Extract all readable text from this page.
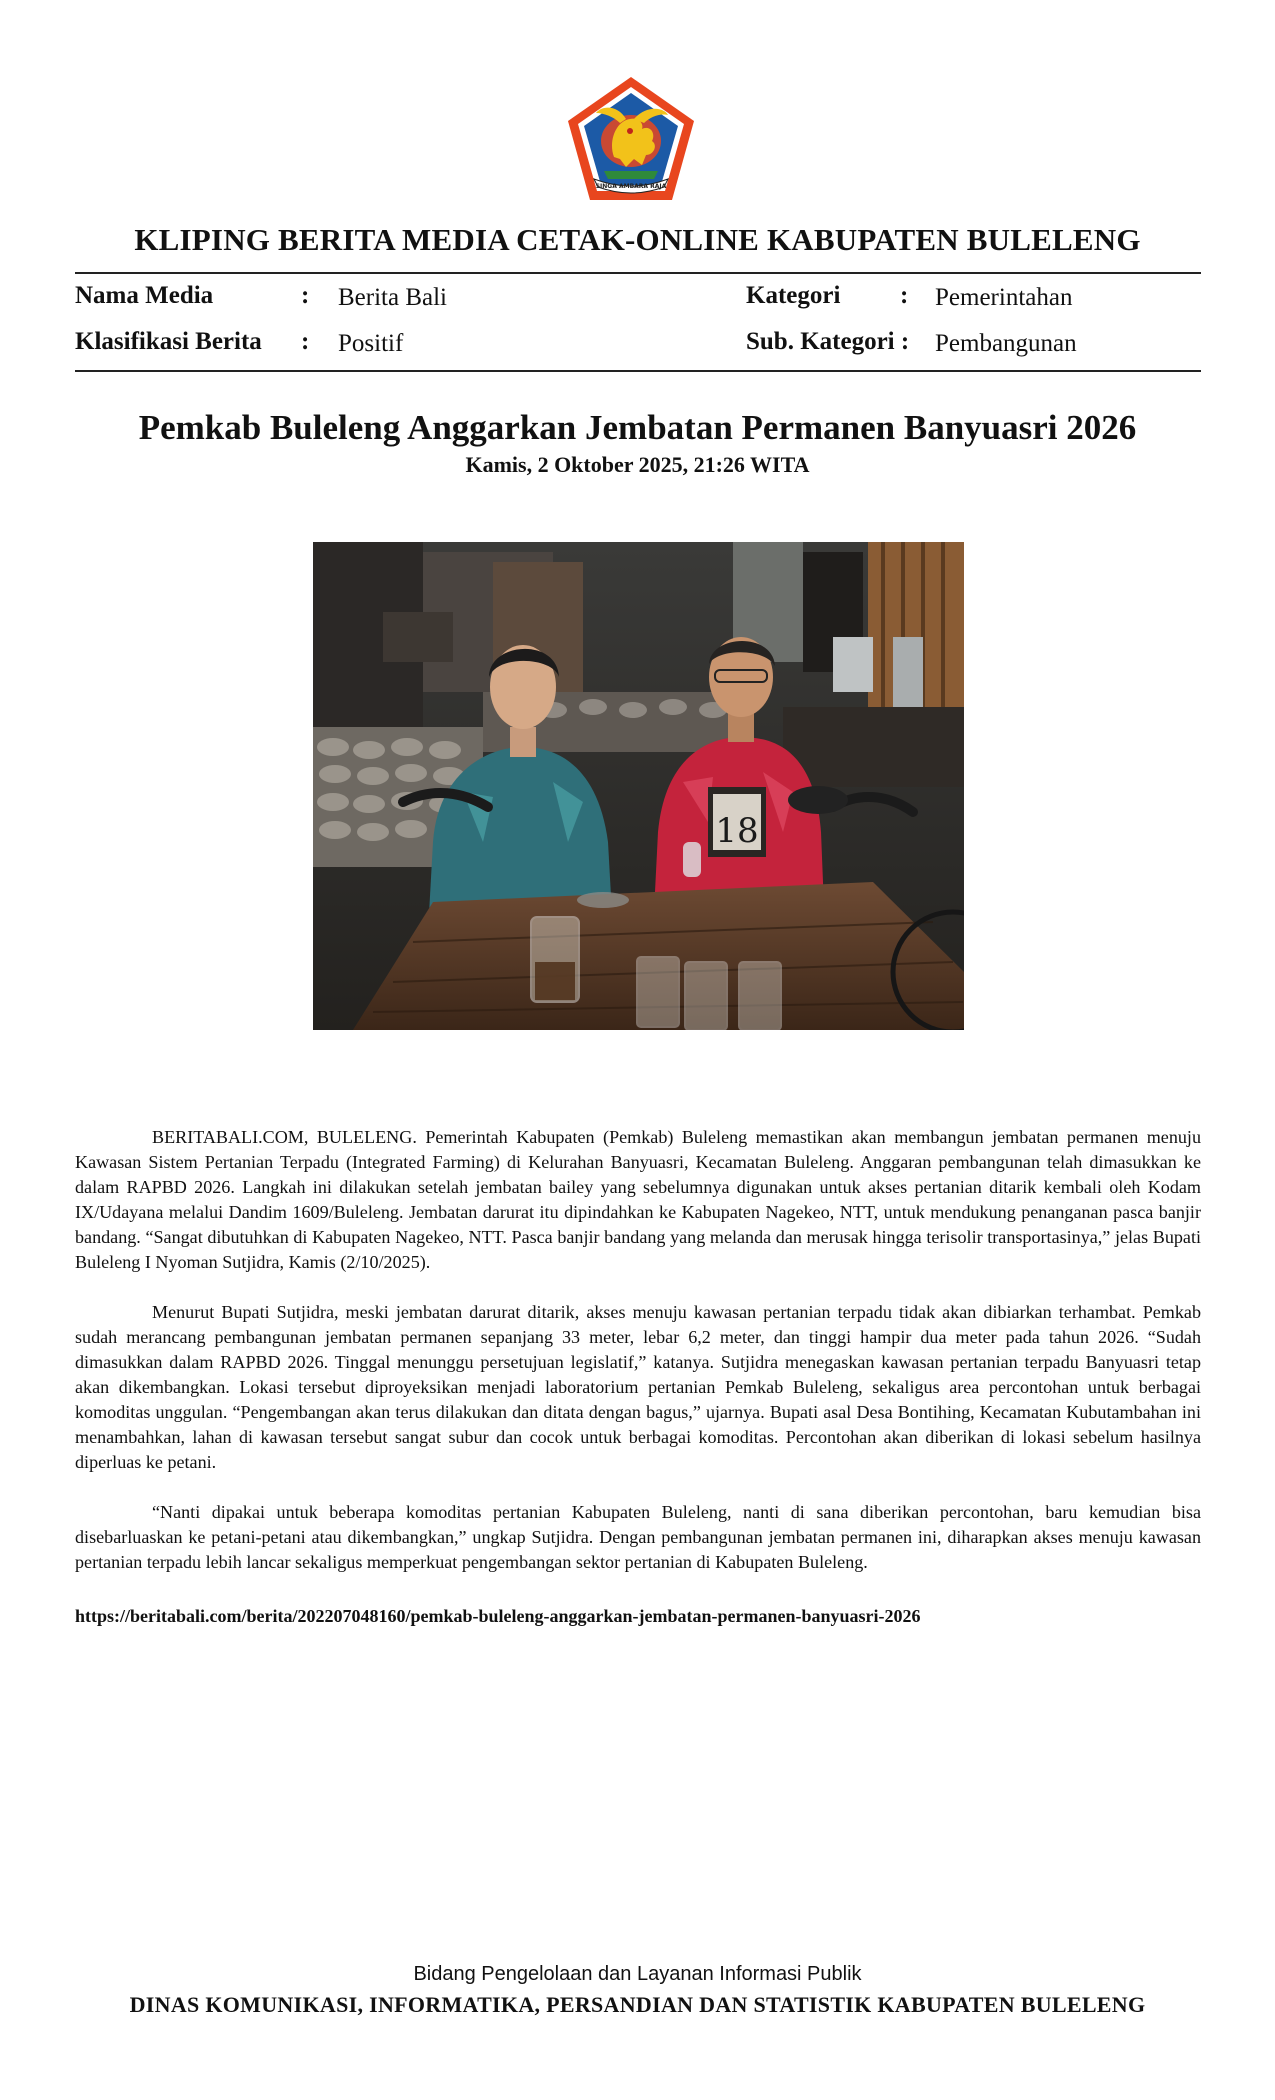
SINGA AMBARA RAJA
KLIPING BERITA MEDIA CETAK-ONLINE KABUPATEN BULELENG
Nama Media	: Berita Bali
Klasifikasi Berita : Positif
Kategori : Pemerintahan
Sub. Kategori : Pembangunan
Pemkab Buleleng Anggarkan Jembatan Permanen Banyuasri 2026
Kamis, 2 Oktober 2025, 21:26 WITA
18

BERITABALI.COM, BULELENG. Pemerintah Kabupaten (Pemkab) Buleleng memastikan akan membangun jembatan permanen menuju Kawasan Sistem Pertanian Terpadu (Integrated Farming) di Kelurahan Banyuasri, Kecamatan Buleleng. Anggaran pembangunan telah dimasukkan ke dalam RAPBD 2026. Langkah ini dilakukan setelah jembatan bailey yang sebelumnya digunakan untuk akses pertanian ditarik kembali oleh Kodam IX/Udayana melalui Dandim 1609/Buleleng. Jembatan darurat itu dipindahkan ke Kabupaten Nagekeo, NTT, untuk mendukung penanganan pasca banjir bandang. “Sangat dibutuhkan di Kabupaten Nagekeo, NTT. Pasca banjir bandang yang melanda dan merusak hingga terisolir transportasinya,” jelas Bupati Buleleng I Nyoman Sutjidra, Kamis (2/10/2025).

Menurut Bupati Sutjidra, meski jembatan darurat ditarik, akses menuju kawasan pertanian terpadu tidak akan dibiarkan terhambat. Pemkab sudah merancang pembangunan jembatan permanen sepanjang 33 meter, lebar 6,2 meter, dan tinggi hampir dua meter pada tahun 2026. “Sudah dimasukkan dalam RAPBD 2026. Tinggal menunggu persetujuan legislatif,” katanya. Sutjidra menegaskan kawasan pertanian terpadu Banyuasri tetap akan dikembangkan. Lokasi tersebut diproyeksikan menjadi laboratorium pertanian Pemkab Buleleng, sekaligus area percontohan untuk berbagai komoditas unggulan. “Pengembangan akan terus dilakukan dan ditata dengan bagus,” ujarnya. Bupati asal Desa Bontihing, Kecamatan Kubutambahan ini menambahkan, lahan di kawasan tersebut sangat subur dan cocok untuk berbagai komoditas. Percontohan akan diberikan di lokasi sebelum hasilnya diperluas ke petani.

“Nanti dipakai untuk beberapa komoditas pertanian Kabupaten Buleleng, nanti di sana diberikan percontohan, baru kemudian bisa disebarluaskan ke petani-petani atau dikembangkan,” ungkap Sutjidra. Dengan pembangunan jembatan permanen ini, diharapkan akses menuju kawasan pertanian terpadu lebih lancar sekaligus memperkuat pengembangan sektor pertanian di Kabupaten Buleleng.

https://beritabali.com/berita/202207048160/pemkab-buleleng-anggarkan-jembatan-permanen-banyuasri-2026
Bidang Pengelolaan dan Layanan Informasi Publik
DINAS KOMUNIKASI, INFORMATIKA, PERSANDIAN DAN STATISTIK KABUPATEN BULELENG
